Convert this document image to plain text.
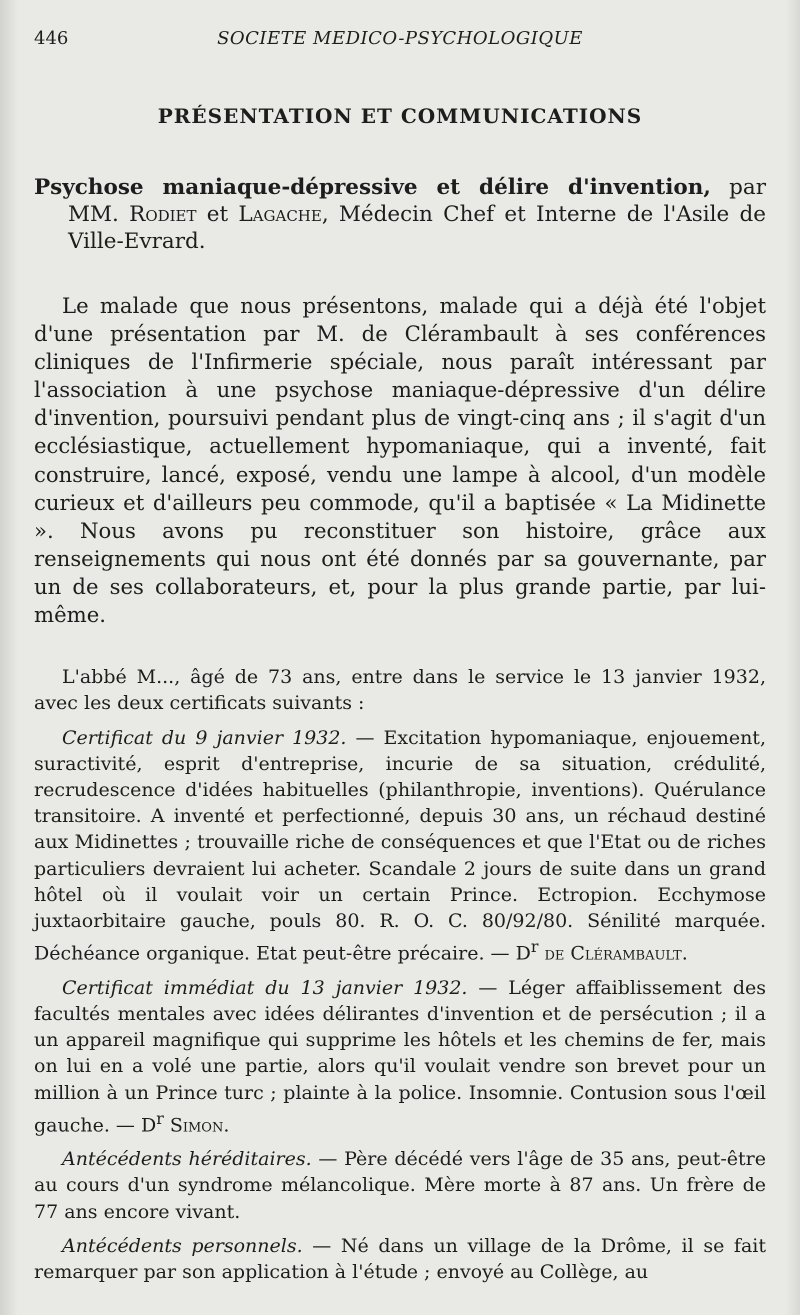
446	SOCIETE MEDICO-PSYCHOLOGIQUE
PRÉSENTATION ET COMMUNICATIONS

Psychose maniaque-dépressive et délire d'invention, par MM. Rodiet et Lagache, Médecin Chef et Interne de l'Asile de Ville-Evrard.

Le malade que nous présentons, malade qui a déjà été l'objet d'une présentation par M. de Clérambault à ses conférences cliniques de l'Infirmerie spéciale, nous paraît intéressant par l'association à une psychose maniaque-dépressive d'un délire d'invention, poursuivi pendant plus de vingt-cinq ans ; il s'agit d'un ecclésiastique, actuellement hypomaniaque, qui a inventé, fait construire, lancé, exposé, vendu une lampe à alcool, d'un modèle curieux et d'ailleurs peu commode, qu'il a baptisée « La Midinette ». Nous avons pu reconstituer son histoire, grâce aux renseignements qui nous ont été donnés par sa gouvernante, par un de ses collaborateurs, et, pour la plus grande partie, par lui-même.

L'abbé M..., âgé de 73 ans, entre dans le service le 13 janvier 1932, avec les deux certificats suivants :

Certificat du 9 janvier 1932. — Excitation hypomaniaque, enjouement, suractivité, esprit d'entreprise, incurie de sa situation, crédulité, recrudescence d'idées habituelles (philanthropie, inventions). Quérulance transitoire. A inventé et perfectionné, depuis 30 ans, un réchaud destiné aux Midinettes ; trouvaille riche de conséquences et que l'Etat ou de riches particuliers devraient lui acheter. Scandale 2 jours de suite dans un grand hôtel où il voulait voir un certain Prince. Ectropion. Ecchymose juxtaorbitaire gauche, pouls 80. R. O. C. 80/92/80. Sénilité marquée. Déchéance organique. Etat peut-être précaire. — $D^r$ de Clérambault.

Certificat immédiat du 13 janvier 1932. — Léger affaiblissement des facultés mentales avec idées délirantes d'invention et de persécution ; il a un appareil magnifique qui supprime les hôtels et les chemins de fer, mais on lui en a volé une partie, alors qu'il voulait vendre son brevet pour un million à un Prince turc ; plainte à la police. Insomnie. Contusion sous l'œil gauche. — $D^r$ Simon.

Antécédents héréditaires. — Père décédé vers l'âge de 35 ans, peut-être au cours d'un syndrome mélancolique. Mère morte à 87 ans. Un frère de 77 ans encore vivant.

Antécédents personnels. — Né dans un village de la Drôme, il se fait remarquer par son application à l'étude ; envoyé au Collège, au
